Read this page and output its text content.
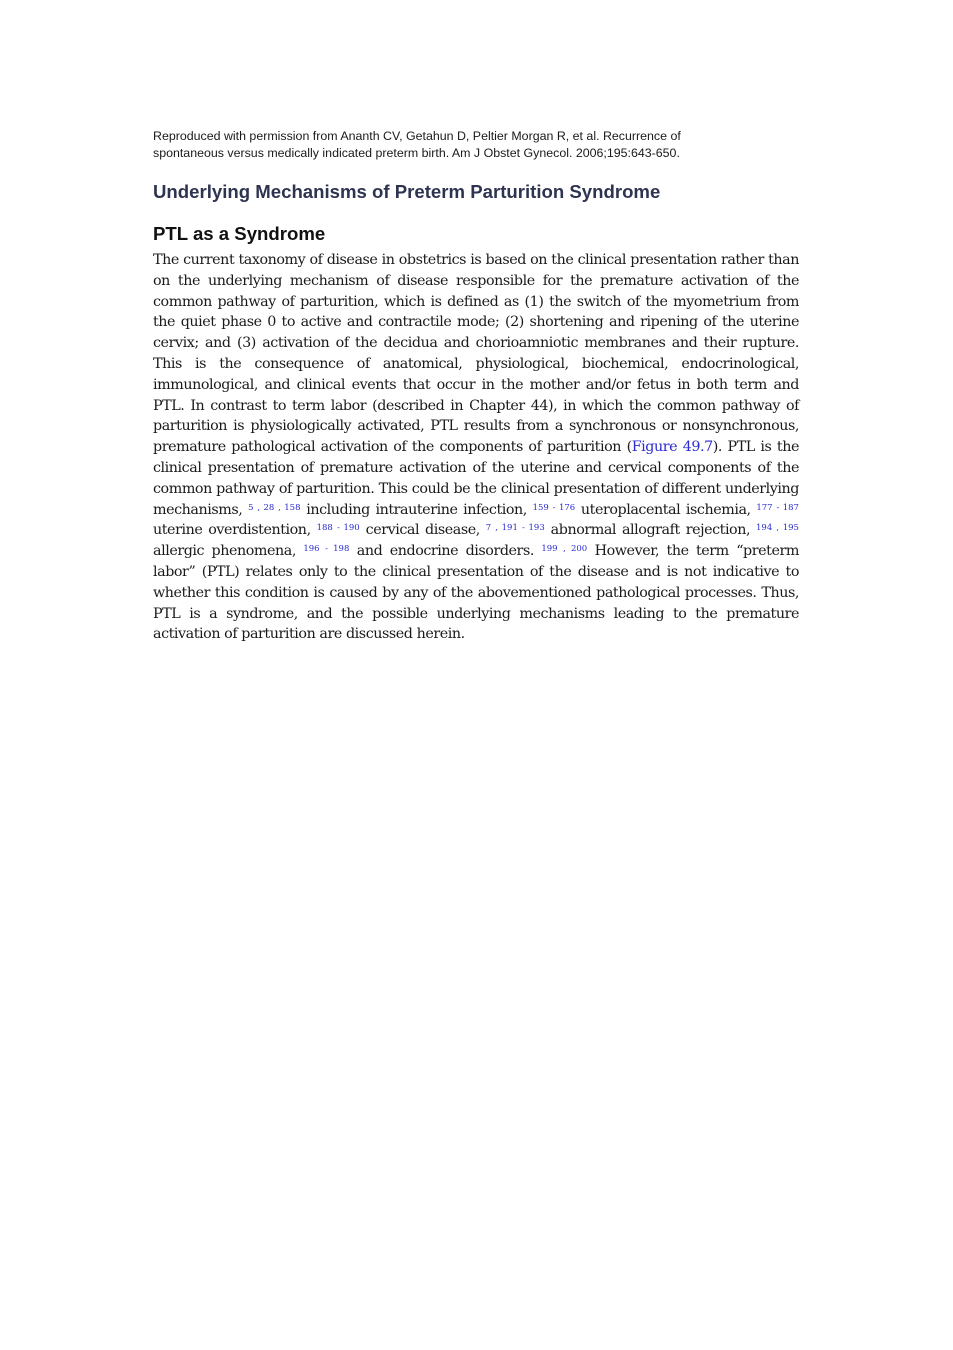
Reproduced with permission from Ananth CV, Getahun D, Peltier Morgan R, et al. Recurrence of
spontaneous versus medically indicated preterm birth. Am J Obstet Gynecol. 2006;195:643-650.

Underlying Mechanisms of Preterm Parturition Syndrome
PTL as a Syndrome

The current taxonomy of disease in obstetrics is based on the clinical presentation rather than on the underlying mechanism of disease responsible for the premature activation of the common pathway of parturition, which is defined as (1) the switch of the myometrium from the quiet phase 0 to active and contractile mode; (2) shortening and ripening of the uterine cervix; and (3) activation of the decidua and chorioamniotic membranes and their rupture. This is the consequence of anatomical, physiological, biochemical, endocrinological, immunological, and clinical events that occur in the mother and/or fetus in both term and PTL. In contrast to term labor (described in Chapter 44), in which the common pathway of parturition is physiologically activated, PTL results from a synchronous or nonsynchronous, premature pathological activation of the components of parturition (Figure 49.7). PTL is the clinical presentation of premature activation of the uterine and cervical components of the common pathway of parturition. This could be the clinical presentation of different underlying mechanisms, $^5$ , $^{28}$ , $^{158}$ including intrauterine infection, $^{159}$ - $^{176}$ uteroplacental ischemia, $^{177}$ - $^{187}$ uterine overdistention, $^{188}$ - $^{190}$ cervical disease, $^7$ , $^{191}$ - $^{193}$ abnormal allograft rejection, $^{194}$ , $^{195}$ allergic phenomena, $^{196}$ - $^{198}$ and endocrine disorders. $^{199}$ , $^{200}$ However, the term “preterm labor” (PTL) relates only to the clinical presentation of the disease and is not indicative to whether this condition is caused by any of the abovementioned pathological processes. Thus, PTL is a syndrome, and the possible underlying mechanisms leading to the premature activation of parturition are discussed herein.
